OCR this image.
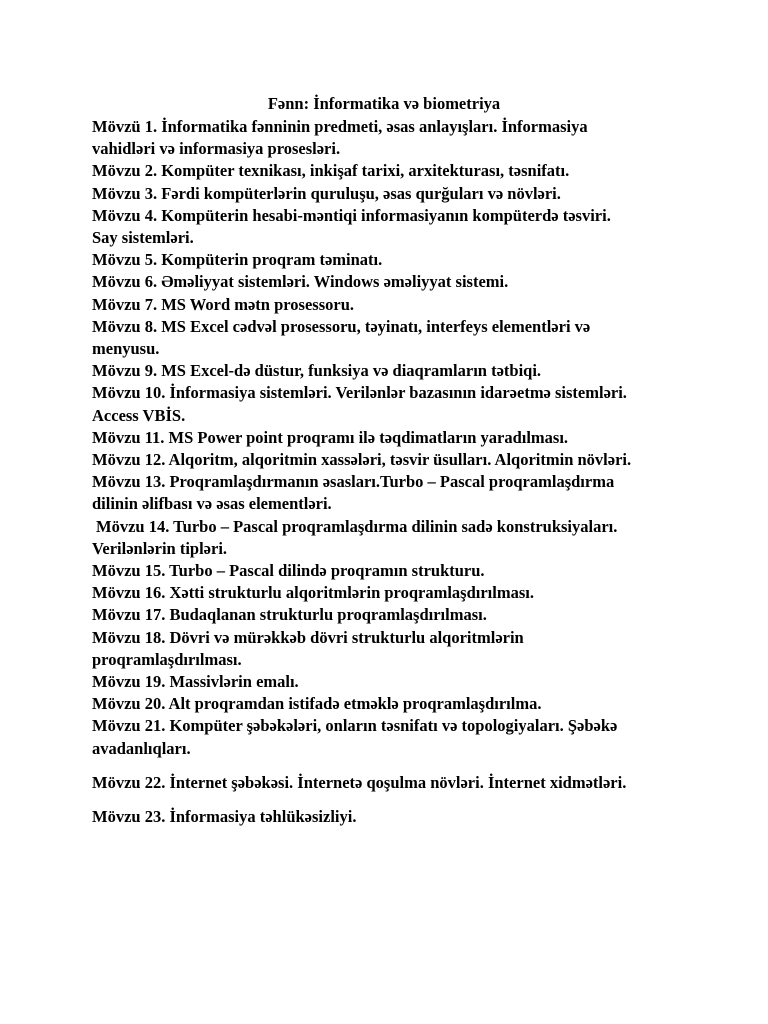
Fənn: İnformatika və biometriya
Mövzü 1. İnformatika fənninin predmeti, əsas anlayışları. İnformasiya
vahidləri və informasiya prosesləri.
Mövzu 2. Kompüter texnikası, inkişaf tarixi, arxitekturası, təsnifatı.
Mövzu 3. Fərdi kompüterlərin quruluşu, əsas qurğuları və növləri.
Mövzu 4. Kompüterin hesabi-məntiqi informasiyanın kompüterdə təsviri.
Say sistemləri.
Mövzu 5. Kompüterin proqram təminatı.
Mövzu 6. Əməliyyat sistemləri. Windows əməliyyat sistemi.
Mövzu 7. MS Word mətn prosessoru.
Mövzu 8. MS Excel cədvəl prosessoru, təyinatı, interfeys elementləri və
menyusu.
Mövzu 9. MS Excel-də düstur, funksiya və diaqramların tətbiqi.
Mövzu 10. İnformasiya sistemləri. Verilənlər bazasının idarəetmə sistemləri.
Access VBİS.
Mövzu 11. MS Power point proqramı ilə təqdimatların yaradılması.
Mövzu 12. Alqoritm, alqoritmin xassələri, təsvir üsulları. Alqoritmin növləri.
Mövzu 13. Proqramlaşdırmanın əsasları.Turbo – Pascal proqramlaşdırma
dilinin əlifbası və əsas elementləri.
Mövzu 14. Turbo – Pascal proqramlaşdırma dilinin sadə konstruksiyaları.
Verilənlərin tipləri.
Mövzu 15. Turbo – Pascal dilində proqramın strukturu.
Mövzu 16. Xətti strukturlu alqoritmlərin proqramlaşdırılması.
Mövzu 17. Budaqlanan strukturlu proqramlaşdırılması.
Mövzu 18. Dövri və mürəkkəb dövri strukturlu alqoritmlərin
proqramlaşdırılması.
Mövzu 19. Massivlərin emalı.
Mövzu 20. Alt proqramdan istifadə etməklə proqramlaşdırılma.
Mövzu 21. Kompüter şəbəkələri, onların təsnifatı və topologiyaları. Şəbəkə
avadanlıqları.
Mövzu 22. İnternet şəbəkəsi. İnternetə qoşulma növləri. İnternet xidmətləri.
Mövzu 23. İnformasiya təhlükəsizliyi.
